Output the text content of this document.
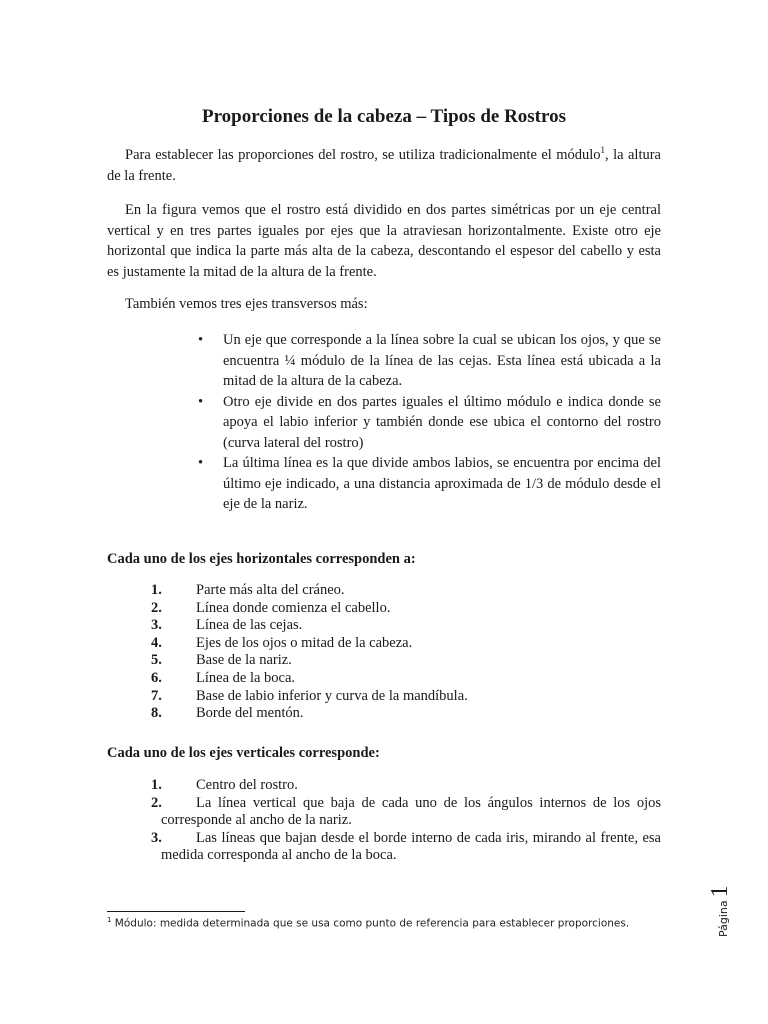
Proporciones de la cabeza – Tipos de Rostros

Para establecer las proporciones del rostro, se utiliza tradicionalmente el módulo$^1$, la altura de la frente.

En la figura vemos que el rostro está dividido en dos partes simétricas por un eje central vertical y en tres partes iguales por ejes que la atraviesan horizontalmente. Existe otro eje horizontal que indica la parte más alta de la cabeza, descontando el espesor del cabello y esta es justamente la mitad de la altura de la frente.

También vemos tres ejes transversos más:

• Un eje que corresponde a la línea sobre la cual se ubican los ojos, y que se encuentra ¼ módulo de la línea de las cejas. Esta línea está ubicada a la mitad de la altura de la cabeza.
• Otro eje divide en dos partes iguales el último módulo e indica donde se apoya el labio inferior y también donde ese ubica el contorno del rostro (curva lateral del rostro)
• La última línea es la que divide ambos labios, se encuentra por encima del último eje indicado, a una distancia aproximada de 1/3 de módulo desde el eje de la nariz.

Cada uno de los ejes horizontales corresponden a:

1.	Parte más alta del cráneo.
2.	Línea donde comienza el cabello.
3.	Línea de las cejas.
4.	Ejes de los ojos o mitad de la cabeza.
5.	Base de la nariz.
6.	Línea de la boca.
7.	Base de labio inferior y curva de la mandíbula.
8.	Borde del mentón.

Cada uno de los ejes verticales corresponde:

1.	Centro del rostro.
2.	La línea vertical que baja de cada uno de los ángulos internos de los ojos corresponde al ancho de la nariz.
3.	Las líneas que bajan desde el borde interno de cada iris, mirando al frente, esa medida corresponda al ancho de la boca.

$^1$ Módulo: medida determinada que se usa como punto de referencia para establecer proporciones.	Página
1
